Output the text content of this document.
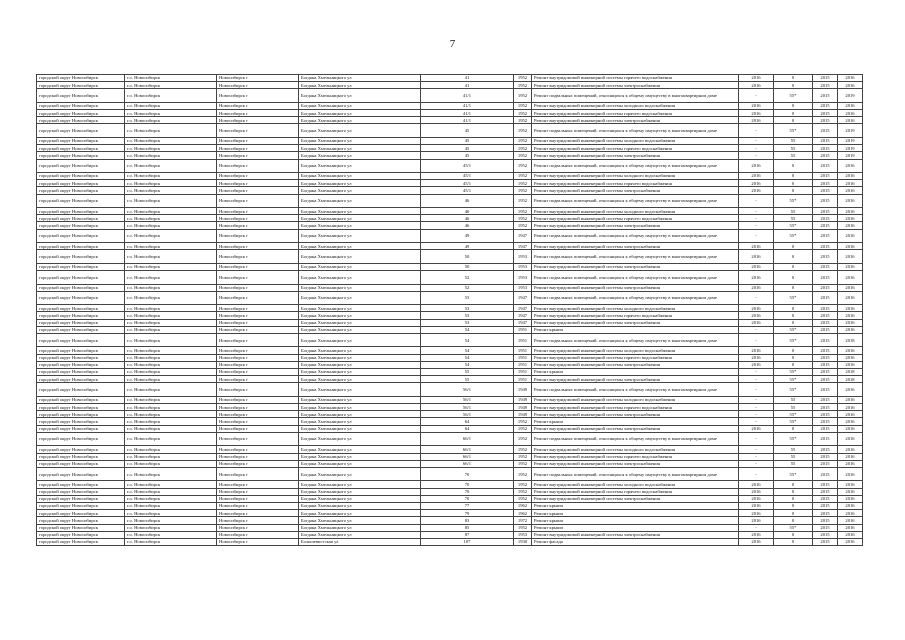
7
городской округ Новосибирск	г.о. Новосибирск	Новосибирск г	Богдана Хмельницкого ул	41	1952	Ремонт внутридомовой инженерной системы горячего водоснабжения	2016	0	2015	2016
городской округ Новосибирск	г.о. Новосибирск	Новосибирск г	Богдана Хмельницкого ул	41	1952	Ремонт внутридомовой инженерной системы электроснабжения	2016	0	2015	2016
городской округ Новосибирск	г.о. Новосибирск	Новосибирск г	Богдана Хмельницкого ул	41/1	1952	Ремонт подвальных помещений, относящихся к общему имуществу в многоквартирном доме	-	55*	2015	2019
городской округ Новосибирск	г.о. Новосибирск	Новосибирск г	Богдана Хмельницкого ул	41/1	1952	Ремонт внутридомовой инженерной системы холодного водоснабжения	2016	0	2015	2016
городской округ Новосибирск	г.о. Новосибирск	Новосибирск г	Богдана Хмельницкого ул	41/1	1952	Ремонт внутридомовой инженерной системы горячего водоснабжения	2016	0	2015	2016
городской округ Новосибирск	г.о. Новосибирск	Новосибирск г	Богдана Хмельницкого ул	41/1	1952	Ремонт внутридомовой инженерной системы электроснабжения	2016	0	2015	2016
городской округ Новосибирск	г.о. Новосибирск	Новосибирск г	Богдана Хмельницкого ул	45	1952	Ремонт подвальных помещений, относящихся к общему имуществу в многоквартирном доме	-	55*	2015	2019
городской округ Новосибирск	г.о. Новосибирск	Новосибирск г	Богдана Хмельницкого ул	45	1952	Ремонт внутридомовой инженерной системы холодного водоснабжения	-	55	2015	2019
городской округ Новосибирск	г.о. Новосибирск	Новосибирск г	Богдана Хмельницкого ул	45	1952	Ремонт внутридомовой инженерной системы горячего водоснабжения	-	55	2015	2019
городской округ Новосибирск	г.о. Новосибирск	Новосибирск г	Богдана Хмельницкого ул	45	1952	Ремонт внутридомовой инженерной системы электроснабжения	-	55	2015	2019
городской округ Новосибирск	г.о. Новосибирск	Новосибирск г	Богдана Хмельницкого ул	45/1	1952	Ремонт подвальных помещений, относящихся к общему имуществу в многоквартирном доме	2016	0	2015	2016
городской округ Новосибирск	г.о. Новосибирск	Новосибирск г	Богдана Хмельницкого ул	45/1	1952	Ремонт внутридомовой инженерной системы холодного водоснабжения	2016	0	2015	2016
городской округ Новосибирск	г.о. Новосибирск	Новосибирск г	Богдана Хмельницкого ул	45/1	1952	Ремонт внутридомовой инженерной системы горячего водоснабжения	2016	0	2015	2016
городской округ Новосибирск	г.о. Новосибирск	Новосибирск г	Богдана Хмельницкого ул	45/1	1952	Ремонт внутридомовой инженерной системы электроснабжения	2016	0	2015	2016
городской округ Новосибирск	г.о. Новосибирск	Новосибирск г	Богдана Хмельницкого ул	46	1952	Ремонт подвальных помещений, относящихся к общему имуществу в многоквартирном доме	-	55*	2015	2016
городской округ Новосибирск	г.о. Новосибирск	Новосибирск г	Богдана Хмельницкого ул	46	1952	Ремонт внутридомовой инженерной системы холодного водоснабжения	-	55	2015	2016
городской округ Новосибирск	г.о. Новосибирск	Новосибирск г	Богдана Хмельницкого ул	46	1952	Ремонт внутридомовой инженерной системы горячего водоснабжения	-	55	2015	2016
городской округ Новосибирск	г.о. Новосибирск	Новосибирск г	Богдана Хмельницкого ул	46	1952	Ремонт внутридомовой инженерной системы электроснабжения	-	55*	2015	2016
городской округ Новосибирск	г.о. Новосибирск	Новосибирск г	Богдана Хмельницкого ул	49	1947	Ремонт подвальных помещений, относящихся к общему имуществу в многоквартирном доме	-	55*	2015	2016
городской округ Новосибирск	г.о. Новосибирск	Новосибирск г	Богдана Хмельницкого ул	49	1947	Ремонт внутридомовой инженерной системы электроснабжения	2016	0	2015	2016
городской округ Новосибирск	г.о. Новосибирск	Новосибирск г	Богдана Хмельницкого ул	50	1953	Ремонт подвальных помещений, относящихся к общему имуществу в многоквартирном доме	2016	0	2015	2016
городской округ Новосибирск	г.о. Новосибирск	Новосибирск г	Богдана Хмельницкого ул	50	1953	Ремонт внутридомовой инженерной системы электроснабжения	2016	0	2015	2016
городской округ Новосибирск	г.о. Новосибирск	Новосибирск г	Богдана Хмельницкого ул	52	1953	Ремонт подвальных помещений, относящихся к общему имуществу в многоквартирном доме	2016	0	2015	2016
городской округ Новосибирск	г.о. Новосибирск	Новосибирск г	Богдана Хмельницкого ул	52	1953	Ремонт внутридомовой инженерной системы электроснабжения	2016	0	2015	2016
городской округ Новосибирск	г.о. Новосибирск	Новосибирск г	Богдана Хмельницкого ул	53	1947	Ремонт подвальных помещений, относящихся к общему имуществу в многоквартирном доме	-	55*	2015	2016
городской округ Новосибирск	г.о. Новосибирск	Новосибирск г	Богдана Хмельницкого ул	53	1947	Ремонт внутридомовой инженерной системы холодного водоснабжения	2016	0	2015	2016
городской округ Новосибирск	г.о. Новосибирск	Новосибирск г	Богдана Хмельницкого ул	53	1947	Ремонт внутридомовой инженерной системы горячего водоснабжения	2016	0	2015	2016
городской округ Новосибирск	г.о. Новосибирск	Новосибирск г	Богдана Хмельницкого ул	53	1947	Ремонт внутридомовой инженерной системы электроснабжения	2016	0	2015	2016
городской округ Новосибирск	г.о. Новосибирск	Новосибирск г	Богдана Хмельницкого ул	54	1951	Ремонт крыши	-	55*	2015	2016
городской округ Новосибирск	г.о. Новосибирск	Новосибирск г	Богдана Хмельницкого ул	54	1951	Ремонт подвальных помещений, относящихся к общему имуществу в многоквартирном доме	-	55*	2015	2018
городской округ Новосибирск	г.о. Новосибирск	Новосибирск г	Богдана Хмельницкого ул	54	1951	Ремонт внутридомовой инженерной системы холодного водоснабжения	2016	0	2015	2016
городской округ Новосибирск	г.о. Новосибирск	Новосибирск г	Богдана Хмельницкого ул	54	1951	Ремонт внутридомовой инженерной системы горячего водоснабжения	2016	0	2015	2016
городской округ Новосибирск	г.о. Новосибирск	Новосибирск г	Богдана Хмельницкого ул	54	1951	Ремонт внутридомовой инженерной системы электроснабжения	2016	0	2015	2016
городской округ Новосибирск	г.о. Новосибирск	Новосибирск г	Богдана Хмельницкого ул	55	1951	Ремонт крыши	-	55*	2015	2018
городской округ Новосибирск	г.о. Новосибирск	Новосибирск г	Богдана Хмельницкого ул	55	1951	Ремонт внутридомовой инженерной системы электроснабжения	-	55*	2015	2018
городской округ Новосибирск	г.о. Новосибирск	Новосибирск г	Богдана Хмельницкого ул	56/1	1949	Ремонт подвальных помещений, относящихся к общему имуществу в многоквартирном доме	-	55*	2015	2016
городской округ Новосибирск	г.о. Новосибирск	Новосибирск г	Богдана Хмельницкого ул	56/1	1949	Ремонт внутридомовой инженерной системы холодного водоснабжения	-	55	2015	2016
городской округ Новосибирск	г.о. Новосибирск	Новосибирск г	Богдана Хмельницкого ул	56/1	1949	Ремонт внутридомовой инженерной системы горячего водоснабжения	-	55	2015	2016
городской округ Новосибирск	г.о. Новосибирск	Новосибирск г	Богдана Хмельницкого ул	56/1	1949	Ремонт внутридомовой инженерной системы электроснабжения	-	55*	2015	2016
городской округ Новосибирск	г.о. Новосибирск	Новосибирск г	Богдана Хмельницкого ул	64	1952	Ремонт крыши	-	55*	2015	2016
городской округ Новосибирск	г.о. Новосибирск	Новосибирск г	Богдана Хмельницкого ул	64	1952	Ремонт внутридомовой инженерной системы электроснабжения	2016	0	2015	2016
городской округ Новосибирск	г.о. Новосибирск	Новосибирск г	Богдана Хмельницкого ул	66/1	1952	Ремонт подвальных помещений, относящихся к общему имуществу в многоквартирном доме	-	55*	2015	2016
городской округ Новосибирск	г.о. Новосибирск	Новосибирск г	Богдана Хмельницкого ул	66/1	1952	Ремонт внутридомовой инженерной системы холодного водоснабжения	-	55	2015	2016
городской округ Новосибирск	г.о. Новосибирск	Новосибирск г	Богдана Хмельницкого ул	66/1	1952	Ремонт внутридомовой инженерной системы горячего водоснабжения	-	55	2015	2016
городской округ Новосибирск	г.о. Новосибирск	Новосибирск г	Богдана Хмельницкого ул	66/1	1952	Ремонт внутридомовой инженерной системы электроснабжения	-	55	2015	2016
городской округ Новосибирск	г.о. Новосибирск	Новосибирск г	Богдана Хмельницкого ул	70	1952	Ремонт подвальных помещений, относящихся к общему имуществу в многоквартирном доме	-	55*	2015	2016
городской округ Новосибирск	г.о. Новосибирск	Новосибирск г	Богдана Хмельницкого ул	70	1952	Ремонт внутридомовой инженерной системы холодного водоснабжения	2016	0	2015	2016
городской округ Новосибирск	г.о. Новосибирск	Новосибирск г	Богдана Хмельницкого ул	70	1952	Ремонт внутридомовой инженерной системы горячего водоснабжения	2016	0	2015	2016
городской округ Новосибирск	г.о. Новосибирск	Новосибирск г	Богдана Хмельницкого ул	70	1952	Ремонт внутридомовой инженерной системы электроснабжения	2016	0	2015	2016
городской округ Новосибирск	г.о. Новосибирск	Новосибирск г	Богдана Хмельницкого ул	77	1962	Ремонт крыши	2016	0	2015	2016
городской округ Новосибирск	г.о. Новосибирск	Новосибирск г	Богдана Хмельницкого ул	79	1962	Ремонт крыши	2016	0	2015	2016
городской округ Новосибирск	г.о. Новосибирск	Новосибирск г	Богдана Хмельницкого ул	83	1972	Ремонт крыши	2016	0	2015	2016
городской округ Новосибирск	г.о. Новосибирск	Новосибирск г	Богдана Хмельницкого ул	85	1952	Ремонт крыши	-	55*	2015	2016
городской округ Новосибирск	г.о. Новосибирск	Новосибирск г	Богдана Хмельницкого ул	87	1953	Ремонт внутридомовой инженерной системы электроснабжения	2016	0	2015	2016
городской округ Новосибирск	г.о. Новосибирск	Новосибирск г	Большевистская ул	107	1930	Ремонт фасада	2016	0	2015	2016
